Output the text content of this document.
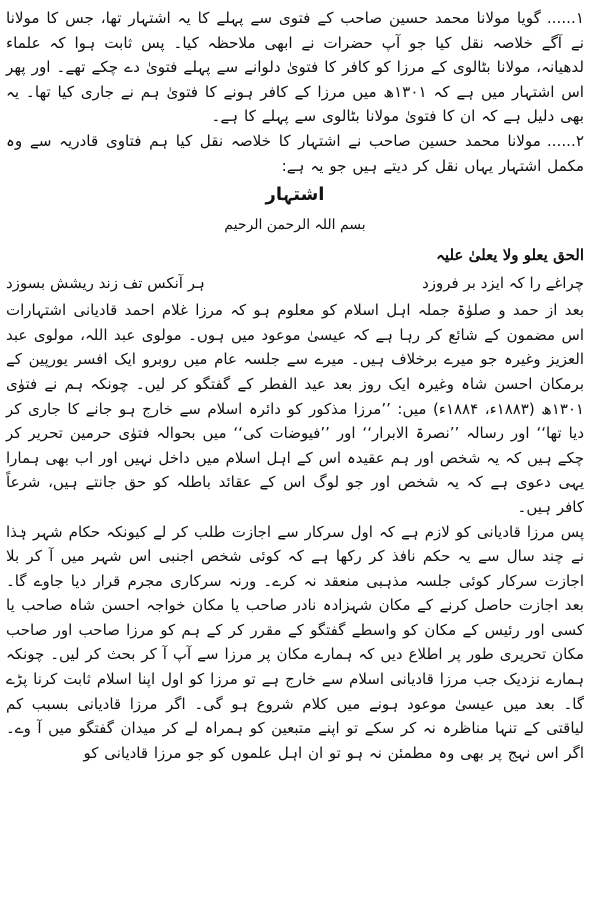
۱......گویا مولانا محمد حسین صاحب کے فتوی سے پہلے کا یہ اشتہار تھا، جس کا مولانا نے آگے خلاصہ نقل کیا جو آپ حضرات نے ابھی ملاحظہ کیا۔ پس ثابت ہوا کہ علماء لدھیانہ، مولانا بٹالوی کے مرزا کو کافر کا فتویٰ دلوانے سے پہلے فتویٰ دے چکے تھے۔ اور پھر اس اشتہار میں ہے کہ ۱۳۰۱ھ میں مرزا کے کافر ہونے کا فتویٰ ہم نے جاری کیا تھا۔ یہ بھی دلیل ہے کہ ان کا فتویٰ مولانا بٹالوی سے پہلے کا ہے۔

۲......مولانا محمد حسین صاحب نے اشتہار کا خلاصہ نقل کیا ہم فتاوی قادریہ سے وہ مکمل اشتہار یہاں نقل کر دیتے ہیں جو یہ ہے:

اشتہار
بسم اللہ الرحمن الرحیم
الحق یعلو ولا یعلیٰ علیہ
چراغے را کہ ایزد بر فروزد
ہر آنکس تف زند ریشش بسوزد

بعد از حمد و صلوٰۃ جملہ اہل اسلام کو معلوم ہو کہ مرزا غلام احمد قادیانی اشتہارات اس مضمون کے شائع کر رہا ہے کہ عیسیٰ موعود میں ہوں۔ مولوی عبد اللہ، مولوی عبد العزیز وغیرہ جو میرے برخلاف ہیں۔ میرے سے جلسہ عام میں روبرو ایک افسر یورپین کے برمکان احسن شاہ وغیرہ ایک روز بعد عید الفطر کے گفتگو کر لیں۔ چونکہ ہم نے فتوٰی ۱۳۰۱ھ (۱۸۸۳ء، ۱۸۸۴ء) میں: ’’مرزا مذکور کو دائرہ اسلام سے خارج ہو جانے کا جاری کر دیا تھا‘‘ اور رسالہ ’’نصرۃ الابرار‘‘ اور ’’فیوضات کی‘‘ میں بحوالہ فتوٰی حرمین تحریر کر چکے ہیں کہ یہ شخص اور ہم عقیدہ اس کے اہل اسلام میں داخل نہیں اور اب بھی ہمارا یہی دعوی ہے کہ یہ شخص اور جو لوگ اس کے عقائد باطلہ کو حق جانتے ہیں، شرعاً کافر ہیں۔

پس مرزا قادیانی کو لازم ہے کہ اول سرکار سے اجازت طلب کر لے کیونکہ حکام شہر ہٰذا نے چند سال سے یہ حکم نافذ کر رکھا ہے کہ کوئی شخص اجنبی اس شہر میں آ کر بلا اجازت سرکار کوئی جلسہ مذہبی منعقد نہ کرے۔ ورنہ سرکاری مجرم قرار دیا جاوے گا۔ بعد اجازت حاصل کرنے کے مکان شہزادہ نادر صاحب یا مکان خواجہ احسن شاہ صاحب یا کسی اور رئیس کے مکان کو واسطے گفتگو کے مقرر کر کے ہم کو مرزا صاحب اور صاحب مکان تحریری طور پر اطلاع دیں کہ ہمارے مکان پر مرزا سے آپ آ کر بحث کر لیں۔ چونکہ ہمارے نزدیک جب مرزا قادیانی اسلام سے خارج ہے تو مرزا کو اول اپنا اسلام ثابت کرنا پڑے گا۔ بعد میں عیسیٰ موعود ہونے میں کلام شروع ہو گی۔ اگر مرزا قادیانی بسبب کم لیاقتی کے تنہا مناظرہ نہ کر سکے تو اپنے متبعین کو ہمراہ لے کر میدان گفتگو میں آ وے۔ اگر اس نہج پر بھی وہ مطمئن نہ ہو تو ان اہل علموں کو جو مرزا قادیانی کو
